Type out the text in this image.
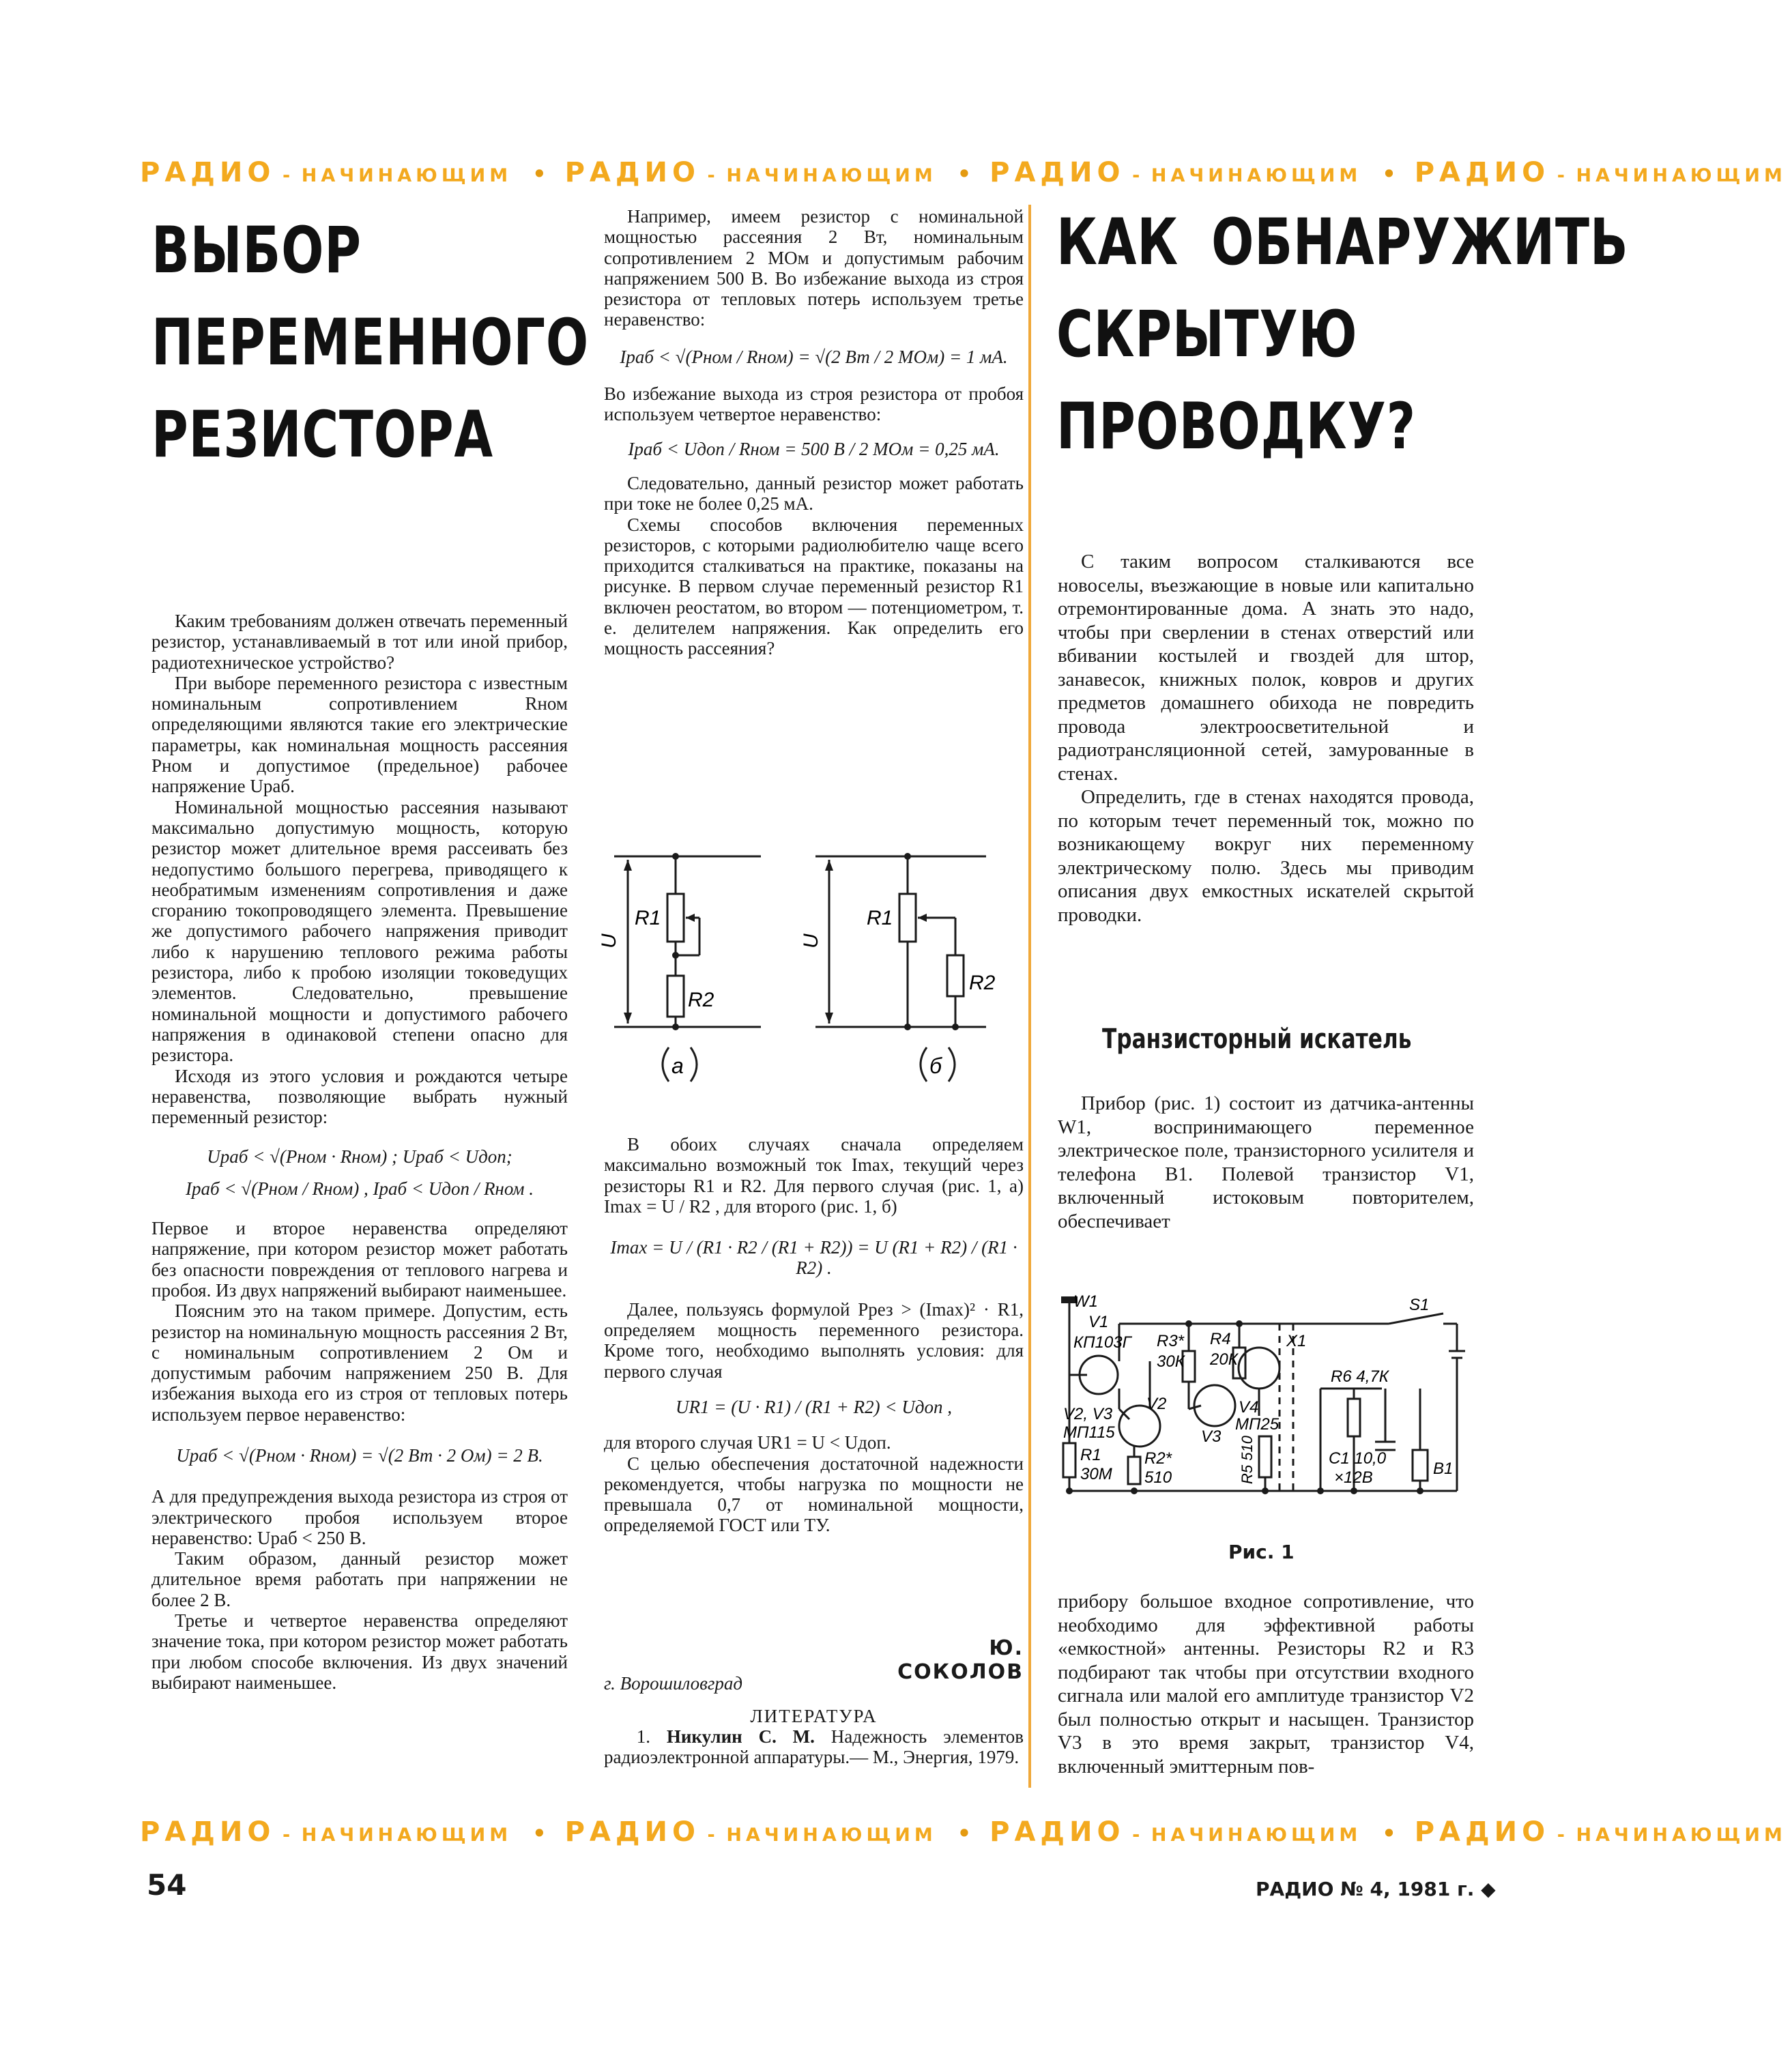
РАДИО - НАЧИНАЮЩИМ • РАДИО - НАЧИНАЮЩИМ • РАДИО - НАЧИНАЮЩИМ • РАДИО - НАЧИНАЮЩИМ
ВЫБОР
ПЕРЕМЕННОГО
РЕЗИСТОРА
КАК ОБНАРУЖИТЬ
СКРЫТУЮ
ПРОВОДКУ?

Каким требованиям должен отвечать переменный резистор, устанавливаемый в тот или иной прибор, радиотехническое устройство?

При выборе переменного резистора с известным номинальным сопротивлением Rном определяющими являются такие его электрические параметры, как номинальная мощность рассеяния Pном и допустимое (предельное) рабочее напряжение Uраб.

Номинальной мощностью рассеяния называют максимально допустимую мощность, которую резистор может длительное время рассеивать без недопустимо большого перегрева, приводящего к необратимым изменениям сопротивления и даже сгоранию токопроводящего элемента. Превышение же допустимого рабочего напряжения приводит либо к нарушению теплового режима работы резистора, либо к пробою изоляции токоведущих элементов. Следовательно, превышение номинальной мощности и допустимого рабочего напряжения в одинаковой степени опасно для резистора.

Исходя из этого условия и рождаются четыре неравенства, позволяющие выбрать нужный переменный резистор:

Uраб < √(Pном · Rном) ; Uраб < Uдоп;
Iраб < √(Pном / Rном) , Iраб < Uдоп / Rном .

Первое и второе неравенства определяют напряжение, при котором резистор может работать без опасности повреждения от теплового нагрева и пробоя. Из двух напряжений выбирают наименьшее.

Поясним это на таком примере. Допустим, есть резистор на номинальную мощность рассеяния 2 Вт, с номинальным сопротивлением 2 Ом и допустимым рабочим напряжением 250 В. Для избежания выхода его из строя от тепловых потерь используем первое неравенство:

Uраб < √(Pном · Rном) = √(2 Вт · 2 Ом) = 2 В.

А для предупреждения выхода резистора из строя от электрического пробоя используем второе неравенство: Uраб < 250 В.

Таким образом, данный резистор может длительное время работать при напряжении не более 2 В.

Третье и четвертое неравенства определяют значение тока, при котором резистор может работать при любом способе включения. Из двух значений выбирают наименьшее.

Например, имеем резистор с номинальной мощностью рассеяния 2 Вт, номинальным сопротивлением 2 МОм и допустимым рабочим напряжением 500 В. Во избежание выхода из строя резистора от тепловых потерь используем третье неравенство:

Iраб < √(Pном / Rном) = √(2 Вт / 2 МОм) = 1 мА.

Во избежание выхода из строя резистора от пробоя используем четвертое неравенство:

Iраб < Uдоп / Rном = 500 В / 2 МОм = 0,25 мА.

Следовательно, данный резистор может работать при токе не более 0,25 мА.

Схемы способов включения переменных резисторов, с которыми радиолюбителю чаще всего приходится сталкиваться на практике, показаны на рисунке. В первом случае переменный резистор R1 включен реостатом, во втором — потенциометром, т. е. делителем напряжения. Как определить его мощность рассеяния?

U
R1
R2
U
R1
R2
а	б

В обоих случаях сначала определяем максимально возможный ток Imax, текущий через резисторы R1 и R2. Для первого случая (рис. 1, а) Imax = U / R2 , для второго (рис. 1, б)

Imax = U / (R1 · R2 / (R1 + R2)) = U (R1 + R2) / (R1 · R2) .

Далее, пользуясь формулой Pрез > (Imax)² · R1, определяем мощность переменного резистора. Кроме того, необходимо выполнять условия: для первого случая

UR1 = (U · R1) / (R1 + R2) < Uдоп ,

для второго случая UR1 = U < Uдоп.

С целью обеспечения достаточной надежности рекомендуется, чтобы нагрузка по мощности не превышала 0,7 от номинальной мощности, определяемой ГОСТ или ТУ.

Ю. СОКОЛОВ
г. Ворошиловград
ЛИТЕРАТУРА
1. Никулин С. М. Надежность элементов радиоэлектронной аппаратуры.— М., Энергия, 1979.

С таким вопросом сталкиваются все новоселы, въезжающие в новые или капитально отремонтированные дома. А знать это надо, чтобы при сверлении в стенах отверстий или вбивании костылей и гвоздей для штор, занавесок, книжных полок, ковров и других предметов домашнего обихода не повредить провода электроосветительной и радиотрансляционной сетей, замурованные в стенах.

Определить, где в стенах находятся провода, по которым течет переменный ток, можно по возникающему вокруг них переменному электрическому полю. Здесь мы приводим описания двух емкостных искателей скрытой проводки.

Транзисторный искатель

Прибор (рис. 1) состоит из датчика-антенны W1, воспринимающего переменное электрическое поле, транзисторного усилителя и телефона B1. Полевой транзистор V1, включенный истоковым повторителем, обеспечивает

W1
V1
КП103Г R3*
30К
R4
20К
X1
S1
R6 4,7К
V2
V2, V3
МП115	V3
V4
МП25
R1
30М
R2*
510	R5 510	C1 10,0
×12В	B1
Рис. 1

прибору большое входное сопротивление, что необходимо для эффективной работы «емкостной» антенны. Резисторы R2 и R3 подбирают так чтобы при отсутствии входного сигнала или малой его амплитуде транзистор V2 был полностью открыт и насыщен. Транзистор V3 в это время закрыт, транзистор V4, включенный эмиттерным пов-

РАДИО - НАЧИНАЮЩИМ • РАДИО - НАЧИНАЮЩИМ • РАДИО - НАЧИНАЮЩИМ • РАДИО - НАЧИНАЮЩИМ
54	РАДИО № 4, 1981 г. ◆
